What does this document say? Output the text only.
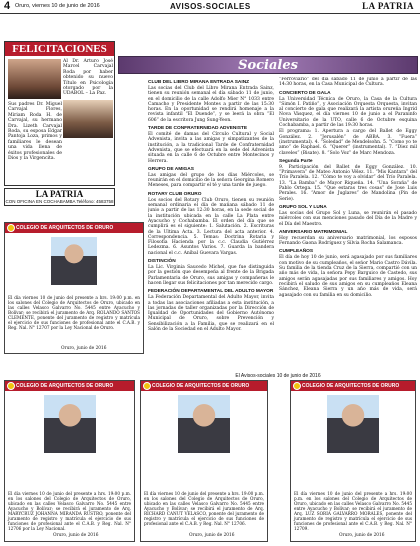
4 Oruro, viernes 10 de junio de 2016	AVISOS-SOCIALES	LA PATRIA
FELICITACIONES
Al Dr. Arturo José Marcel Carvajal Roda por haber obtenido su nuevo Título en Psicología otorgado por la UDABOL – La Paz.
Sus padres Dr. Miguel Carvajal Flores, Miriam Roda H. de Carvajal, su hermano Dra. Lizeth Carvajal Roda, su esposa Edgar Pantoja Loza, primos y familiares le desean una vida llena de éxitos profesionales de Dios y la Virgencita.
LA PATRIA
CON OFICINA EN COCHABAMBA Teléfono: 4583758
Sociales
CLUB DEL LIBRO MIRANA ENTRADA SAINZ

Las socias del Club del Libro Mirana Entrada Sainz, tienen su reunión semanal el día sábado 11 de junio, en el domicilio de la calle Adolfo Mier N° 1033 entre Camacho y Presidente Montes a partir de las 15:30 horas. En la oportunidad se rendirá homenaje a la revista infantil “El Duende”, y se leerá la obra “El 606” de la escritora Jung Sung-Yeon.

TARDE DE CONFRATERNIDAD ADVENISTE

El comité de damas del Círculo Cultural y Social Advenista, invita a las amigas y simpatizantes de la institución, a la tradicional Tarde de Confraternidad Advenista, que se efectuará en la sede del Advenista situada en la calle 6 de Octubre entre Montecinos y Herrera.

GRUPO DE AMIGAS

Las amigas del grupo de los días Miércoles, se reunirán en el domicilio de la señora Georgina Romero Meneses, para compartir el té y una tarde de juego.

ROTARY CLUB ORURO

Los socios del Rotary Club Oruro, tienen su reunión semanal ordinaria el día de mañana sábado 11 de junio a partir de las 12:30 horas, en la sede social de la institución ubicada en la calle La Plata entre Ayacucho y Cochabamba. El orden del día que se cumplirá es el siguiente: 1. Salutación. 2. Escrituras de la Ultima Acta. 3. Lectura del acta anterior. 4. Correspondencia. 5. Temas: Doctrina Rotaria y Filosofía Hacienda por la c.c. Claudia Gutiérrez Ledezma. 6. Asuntos Varios. 7. Guarda la bandera nacional el c.c. Aníbal Guevara Vargas.

DISTINCIÓN

La Lic. Virginia Saucedo Michel, que fue distinguida por la gestión que desempeña al frente de la Brigada Parlamentaria de Oruro, sus amigas y compañeras le hacen llegar sus felicitaciones por tan merecido cargo.

FEDERACIÓN DEPARTAMENTAL DEL ADULTO MAYOR

La Federación Departamental del Adulto Mayor, invita a todas las asociaciones afiliadas a esta institución, a las jornadas de taller organizadas por la Dirección de Igualdad de Oportunidades del Gobierno Autónomo Municipal de Oruro, sobre Prevención y Sensibilización a la Familia, que se realizará en el Salón de la Sociedad en el Adulto Mayor.

“Ferroviario” del día sábado 11 de junio a partir de las 14:30 horas, en la Casa Municipal de Cultura.

CONCIERTO DE GALA

La Universidad Técnica de Oruro, la Casa de la Cultura “Simón I. Patiño”, y Asociación Orquesta Orquesta, invitan al concierto de gala que realizará la artista orureña Ingrid Nova Vásquez, el día viernes 10 de junio a el Paraninfo Universitario de la UTO, calle 6 de Octubre esquina Cochabamba, a partir de las 19:30 horas.

El programa: 1. Apertura a cargo del Ballet de Eggy González. 2. “Jerusalén” de ABBA. 3. “Fuera” (instrumental). 4. “Soledad” de Mendelsohn. 5. “Como yo te amo” de Raphael. 6. “Querer” (instrumental). 7. “Diez mil claveles” (Bisate). 8. “Solo Voz” de Marc Mendoza.

Segunda Parte

9. Participación del Ballet de Eggy González. 10. “Primavera” de Mateo Antonio Vélez. 11. “Mis Kantara” del Trío Paralela. 12. “Cómo te voy a olvidar” del Trío Paralela. 13. “La Bamba” de Mayor Riqueña. 14. “Una Soraña” de Pablo Ortega. 15. “Que estaras tres cosas” de Jose Luis Perales. 16. “Amor de Juglares” de Mandolina (Pin de Serie).

GRUPO SOL Y LUNA

Las socias del Grupo Sol y Luna, se reunirán el pasado miércoles con sus menciones pasado del Día de la Madre y el Día del Maestro.

ANIVERSARIO MATRIMONIAL

Hoy recuerdan su aniversario matrimonial, los esposos Fernando Gaona Rodríguez y Silvia Rocha Salamanca.

CUMPLEAÑOS

El día de hoy 10 de junio, será agasajado por sus familiares con motivo de su cumpleaños, el señor Mario Castro Dávila. Su familia de la tienda Cruz de la Sierra, compartió con un año más de vida, la señora Pepy Barguico de Castedo, sus amigos serán agasajadas por sus familiares y amigos. Hoy recibirá el saludo de sus amigos en su cumpleaños Eleana Sánchez, Eleana Sierra y un año más de vida, será agasajado con su familia en su domicilio.

El Avisos-sociales 10 de junio de 2016
COLEGIO DE ARQUITECTOS DE ORURO
El día viernes 10 de junio del presente a hrs. 19:00 p.m. en los salones del Colegio de Arquitectos de Oruro, ubicado en las calles Velasco Galvarro No. 5445 entre Ayacucho y Bolívar; se recibirá el juramento de Arq. ROLANDO SANTOS CLEMENTE, ponente del juramento de registro y matrícula el ejercicio de sus funciones de profesional ante el C.A.B. y Reg. Nal. N° 12707 por la Ley Nacional de Oruro.
Oruro, junio de 2016
COLEGIO DE ARQUITECTOS DE ORURO
El día viernes 10 de junio del presente a hrs. 19:00 p.m. en los salones del Colegio de Arquitectos de Oruro, ubicado en las calles Velasco Galvarro No. 5445 entre Ayacucho y Bolívar; se recibirá el juramento de Arq. MARYCRUZ JOHANNA MIRANDA RUSTRO, ponente del juramento de registro y matrícula el ejercicio de sus funciones de profesional ante el C.A.B. y Reg. Nal. N° 12706 por la Ley Nacional.
Oruro, junio de 2016
COLEGIO DE ARQUITECTOS DE ORURO
El día viernes 10 de junio del presente a hrs. 19:00 p.m. en los salones del Colegio de Arquitectos de Oruro, ubicado en las calles Velasco Galvarro No. 5445 entre Ayacucho y Bolívar; se recibirá el juramento de Arq. RICHARD CANUT VELASCO, ponente del juramento de registro y matrícula el ejercicio de sus funciones de profesional ante el C.A.B. y Reg. Nal. N° 12706.
Oruro, junio de 2016
COLEGIO DE ARQUITECTOS DE ORURO
El día viernes 10 de junio del presente a hrs. 19:00 p.m. en los salones del Colegio de Arquitectos de Oruro, ubicado en las calles Velasco Galvarro No. 5445 entre Ayacucho y Bolívar; se recibirá el juramento de Arq. LUZ SORIA GALVARRO MORALES, ponente del juramento de registro y matrícula el ejercicio de sus funciones de profesional ante el C.A.B. y Reg. Nal. N° 12709.
Oruro, junio de 2016
